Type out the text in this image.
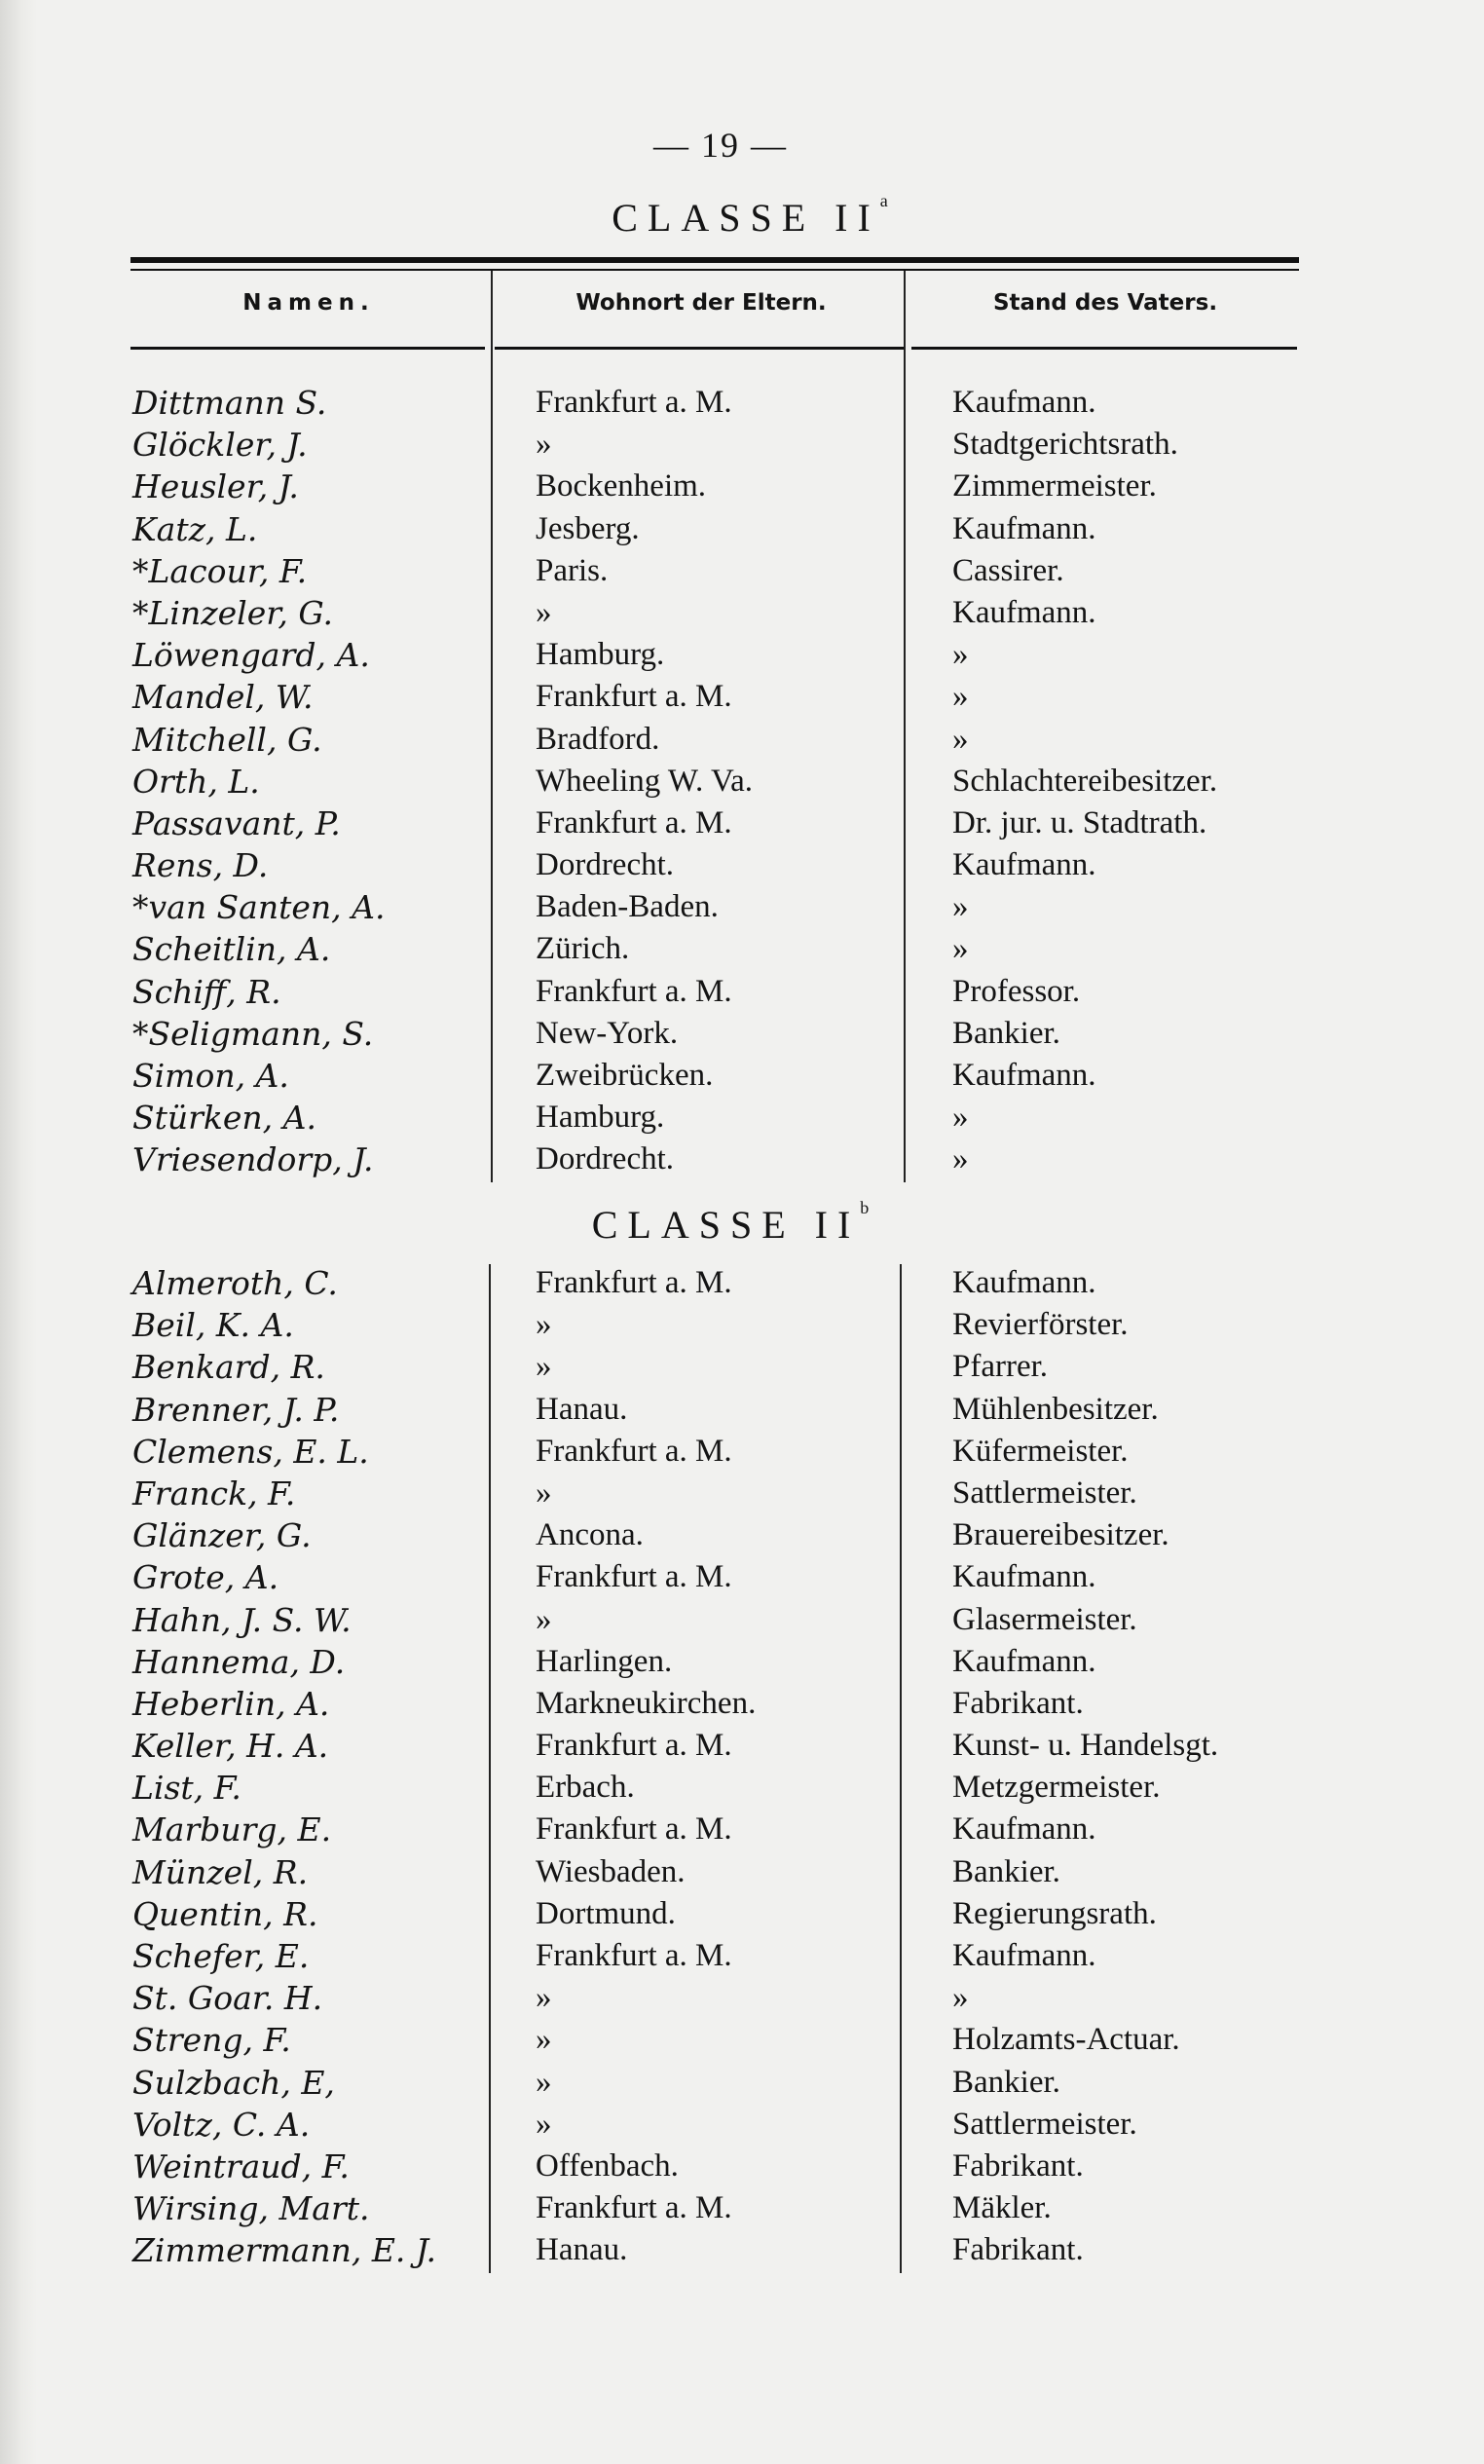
— 19 —
CLASSE $II^a$
Namen.	Wohnort der Eltern.	Stand des Vaters.
Dittmann S.	Frankfurt a. M.	Kaufmann.
Glöckler, J.	»	Stadtgerichtsrath.
Heusler, J.	Bockenheim.	Zimmermeister.
Katz, L.	Jesberg.	Kaufmann.
*Lacour, F.	Paris.	Cassirer.
*Linzeler, G.	»	Kaufmann.
Löwengard, A.	Hamburg.	»
Mandel, W.	Frankfurt a. M.	»
Mitchell, G.	Bradford.	»
Orth, L.	Wheeling W. Va.	Schlachtereibesitzer.
Passavant, P.	Frankfurt a. M.	Dr. jur. u. Stadtrath.
Rens, D.	Dordrecht.	Kaufmann.
*van Santen, A.	Baden-Baden.	»
Scheitlin, A.	Zürich.	»
Schiff, R.	Frankfurt a. M.	Professor.
*Seligmann, S.	New-York.	Bankier.
Simon, A.	Zweibrücken.	Kaufmann.
Stürken, A.	Hamburg.	»
Vriesendorp, J.	Dordrecht.	»
CLASSE $II^b$
Almeroth, C.	Frankfurt a. M.	Kaufmann.
Beil, K. A.	»	Revierförster.
Benkard, R.	»	Pfarrer.
Brenner, J. P.	Hanau.	Mühlenbesitzer.
Clemens, E. L.	Frankfurt a. M.	Küfermeister.
Franck, F.	»	Sattlermeister.
Glänzer, G.	Ancona.	Brauereibesitzer.
Grote, A.	Frankfurt a. M.	Kaufmann.
Hahn, J. S. W.	»	Glasermeister.
Hannema, D.	Harlingen.	Kaufmann.
Heberlin, A.	Markneukirchen.	Fabrikant.
Keller, H. A.	Frankfurt a. M.	Kunst- u. Handelsgt.
List, F.	Erbach.	Metzgermeister.
Marburg, E.	Frankfurt a. M.	Kaufmann.
Münzel, R.	Wiesbaden.	Bankier.
Quentin, R.	Dortmund.	Regierungsrath.
Schefer, E.	Frankfurt a. M.	Kaufmann.
St. Goar. H.	»	»
Streng, F.	»	Holzamts-Actuar.
Sulzbach, E,	»	Bankier.
Voltz, C. A.	»	Sattlermeister.
Weintraud, F.	Offenbach.	Fabrikant.
Wirsing, Mart.	Frankfurt a. M.	Mäkler.
Zimmermann, E. J.	Hanau.	Fabrikant.
